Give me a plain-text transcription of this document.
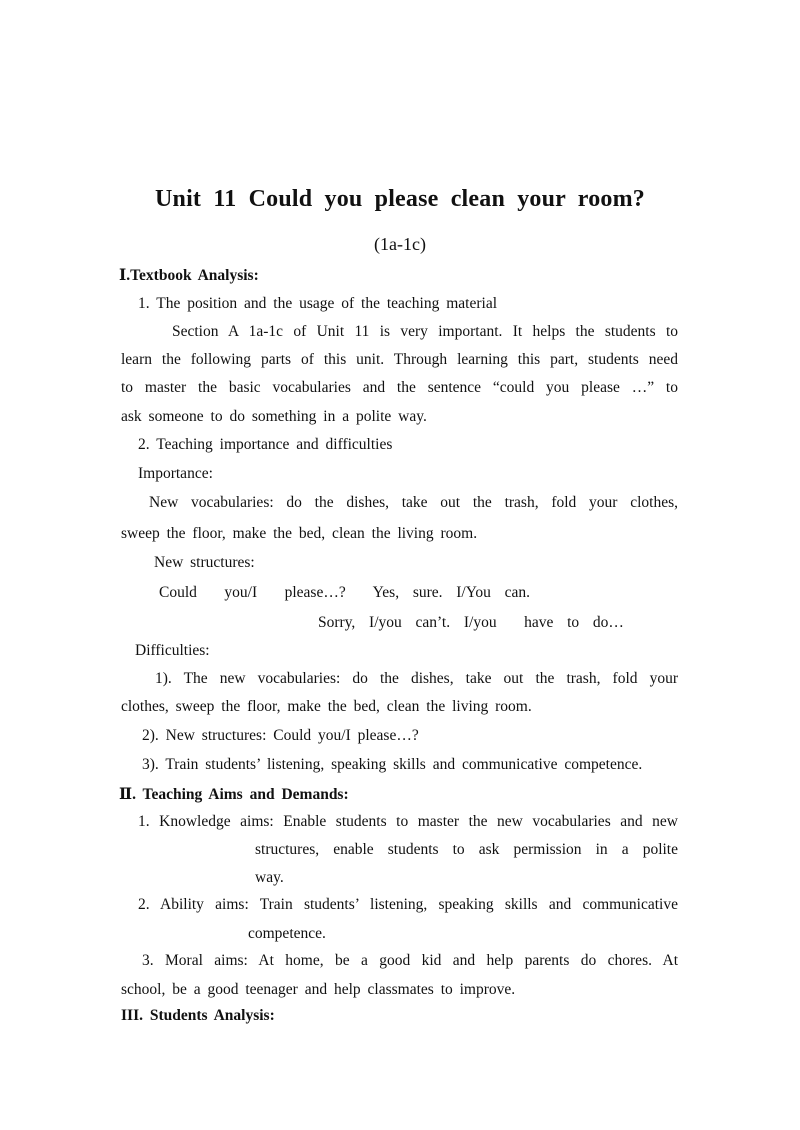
Unit 11 Could you please clean your room?
(1a-1c)
Ⅰ.Textbook Analysis:
1. The position and the usage of the teaching material
Section A 1a-1c of Unit 11 is very important. It helps the students to
learn the following parts of this unit. Through learning this part, students need
to master the basic vocabularies and the sentence “could you please …” to
ask someone to do something in a polite way.
2. Teaching importance and difficulties
Importance:
New vocabularies: do the dishes, take out the trash, fold your clothes,
sweep the floor, make the bed, clean the living room.
New structures:
Could    you/I    please…?    Yes,  sure.  I/You  can.
Sorry,  I/you  can’t.  I/you    have  to  do…
Difficulties:
1). The new vocabularies: do the dishes, take out the trash, fold your
clothes, sweep the floor, make the bed, clean the living room.
2). New structures: Could you/I please…?
3). Train students’ listening, speaking skills and communicative competence.
Ⅱ. Teaching Aims and Demands:
1. Knowledge aims: Enable students to master the new vocabularies and new
structures, enable students to ask permission in a polite
way.
2. Ability aims: Train students’ listening, speaking skills and communicative
competence.
3. Moral aims: At home, be a good kid and help parents do chores. At
school, be a good teenager and help classmates to improve.
III. Students Analysis:
